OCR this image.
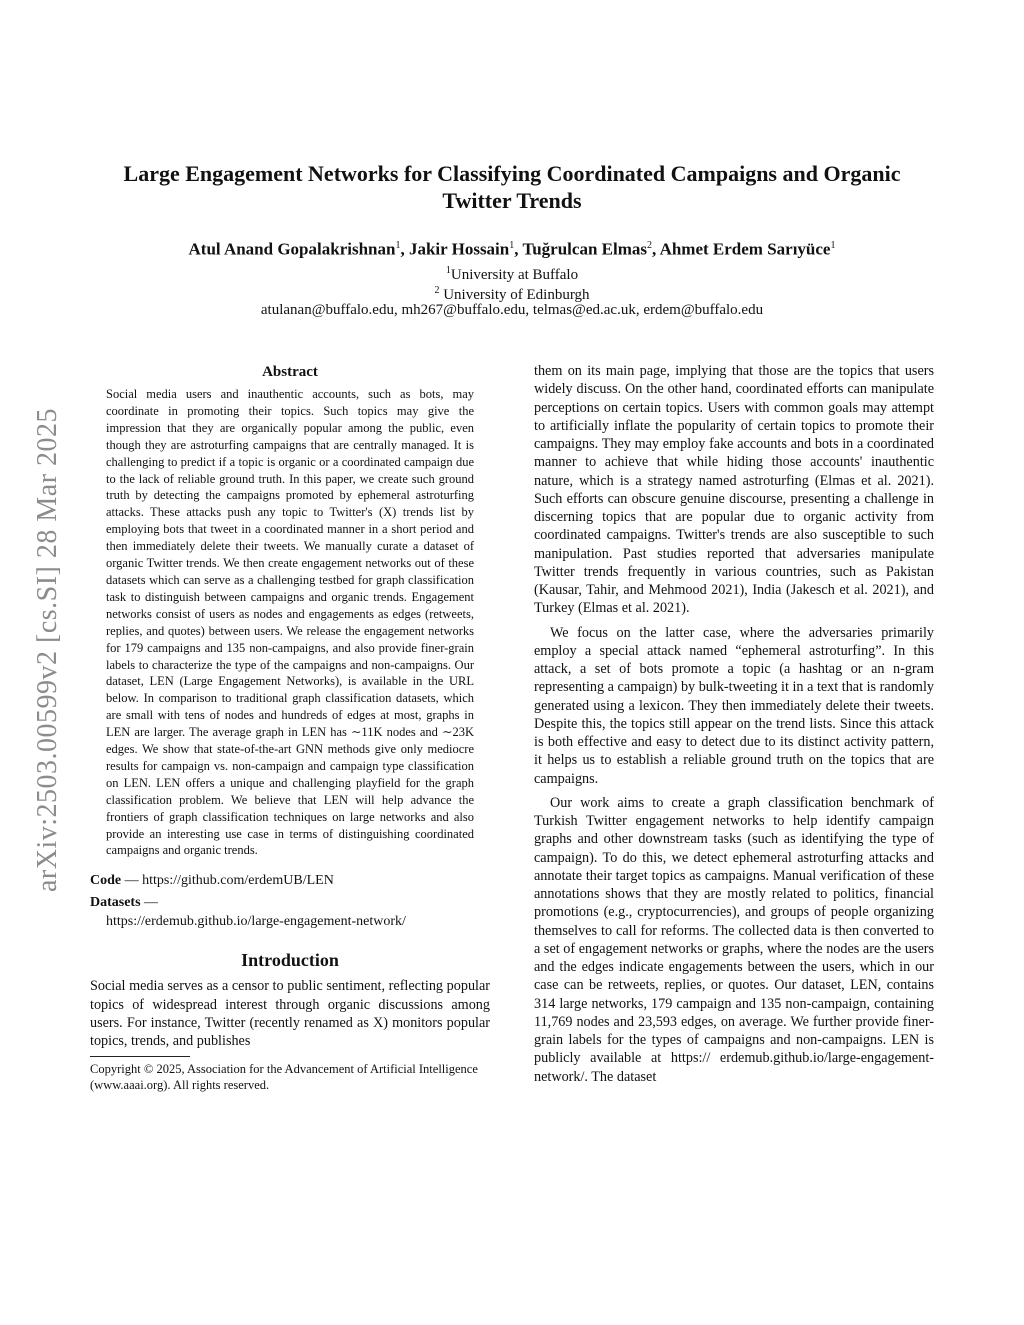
Large Engagement Networks for Classifying Coordinated Campaigns and Organic Twitter Trends
Atul Anand Gopalakrishnan$^1$, Jakir Hossain$^1$, Tuğrulcan Elmas$^2$, Ahmet Erdem Sarıyüce$^1$
$^1$University at Buffalo
$^2$ University of Edinburgh
atulanan@buffalo.edu, mh267@buffalo.edu, telmas@ed.ac.uk, erdem@buffalo.edu
arXiv:2503.00599v2 [cs.SI] 28 Mar 2025
Abstract

Social media users and inauthentic accounts, such as bots, may coordinate in promoting their topics. Such topics may give the impression that they are organically popular among the public, even though they are astroturfing campaigns that are centrally managed. It is challenging to predict if a topic is organic or a coordinated campaign due to the lack of reliable ground truth. In this paper, we create such ground truth by detecting the campaigns promoted by ephemeral astroturfing attacks. These attacks push any topic to Twitter's (X) trends list by employing bots that tweet in a coordinated manner in a short period and then immediately delete their tweets. We manually curate a dataset of organic Twitter trends. We then create engagement networks out of these datasets which can serve as a challenging testbed for graph classification task to distinguish between campaigns and organic trends. Engagement networks consist of users as nodes and engagements as edges (retweets, replies, and quotes) between users. We release the engagement networks for 179 campaigns and 135 non-campaigns, and also provide finer-grain labels to characterize the type of the campaigns and non-campaigns. Our dataset, LEN (Large Engagement Networks), is available in the URL below. In comparison to traditional graph classification datasets, which are small with tens of nodes and hundreds of edges at most, graphs in LEN are larger. The average graph in LEN has ∼11K nodes and ∼23K edges. We show that state-of-the-art GNN methods give only mediocre results for campaign vs. non-campaign and campaign type classification on LEN. LEN offers a unique and challenging playfield for the graph classification problem. We believe that LEN will help advance the frontiers of graph classification techniques on large networks and also provide an interesting use case in terms of distinguishing coordinated campaigns and organic trends.

Code — https://github.com/erdemUB/LEN
Datasets —
https://erdemub.github.io/large-engagement-network/
Introduction

Social media serves as a censor to public sentiment, reflecting popular topics of widespread interest through organic discussions among users. For instance, Twitter (recently renamed as X) monitors popular topics, trends, and publishes

Copyright © 2025, Association for the Advancement of Artificial Intelligence (www.aaai.org). All rights reserved.

them on its main page, implying that those are the topics that users widely discuss. On the other hand, coordinated efforts can manipulate perceptions on certain topics. Users with common goals may attempt to artificially inflate the popularity of certain topics to promote their campaigns. They may employ fake accounts and bots in a coordinated manner to achieve that while hiding those accounts' inauthentic nature, which is a strategy named astroturfing (Elmas et al. 2021). Such efforts can obscure genuine discourse, presenting a challenge in discerning topics that are popular due to organic activity from coordinated campaigns. Twitter's trends are also susceptible to such manipulation. Past studies reported that adversaries manipulate Twitter trends frequently in various countries, such as Pakistan (Kausar, Tahir, and Mehmood 2021), India (Jakesch et al. 2021), and Turkey (Elmas et al. 2021).

We focus on the latter case, where the adversaries primarily employ a special attack named “ephemeral astroturfing”. In this attack, a set of bots promote a topic (a hashtag or an n-gram representing a campaign) by bulk-tweeting it in a text that is randomly generated using a lexicon. They then immediately delete their tweets. Despite this, the topics still appear on the trend lists. Since this attack is both effective and easy to detect due to its distinct activity pattern, it helps us to establish a reliable ground truth on the topics that are campaigns.

Our work aims to create a graph classification benchmark of Turkish Twitter engagement networks to help identify campaign graphs and other downstream tasks (such as identifying the type of campaign). To do this, we detect ephemeral astroturfing attacks and annotate their target topics as campaigns. Manual verification of these annotations shows that they are mostly related to politics, financial promotions (e.g., cryptocurrencies), and groups of people organizing themselves to call for reforms. The collected data is then converted to a set of engagement networks or graphs, where the nodes are the users and the edges indicate engagements between the users, which in our case can be retweets, replies, or quotes. Our dataset, LEN, contains 314 large networks, 179 campaign and 135 non-campaign, containing 11,769 nodes and 23,593 edges, on average. We further provide finer-grain labels for the types of campaigns and non-campaigns. LEN is publicly available at https:// erdemub.github.io/large-engagement-network/. The dataset
